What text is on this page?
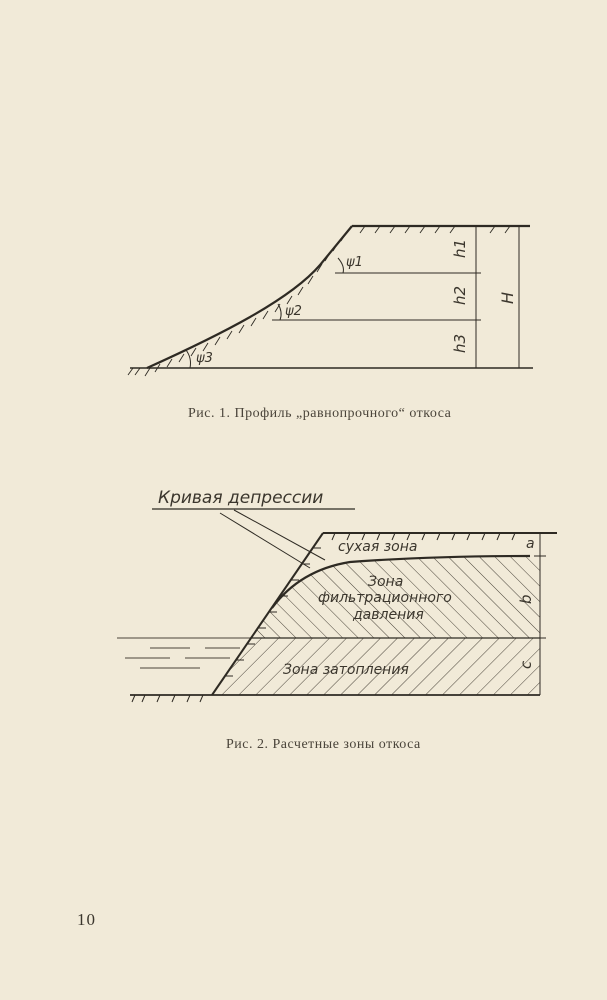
ψ1
ψ2
ψ3
h1
h2
h3
H
Рис. 1. Профиль „равнопрочного“ откоса
Кривая депрессии
сухая зона
Зона
фильтрационного
давления
Зона затопления
a
b
c
Рис. 2. Расчетные зоны откоса
10
